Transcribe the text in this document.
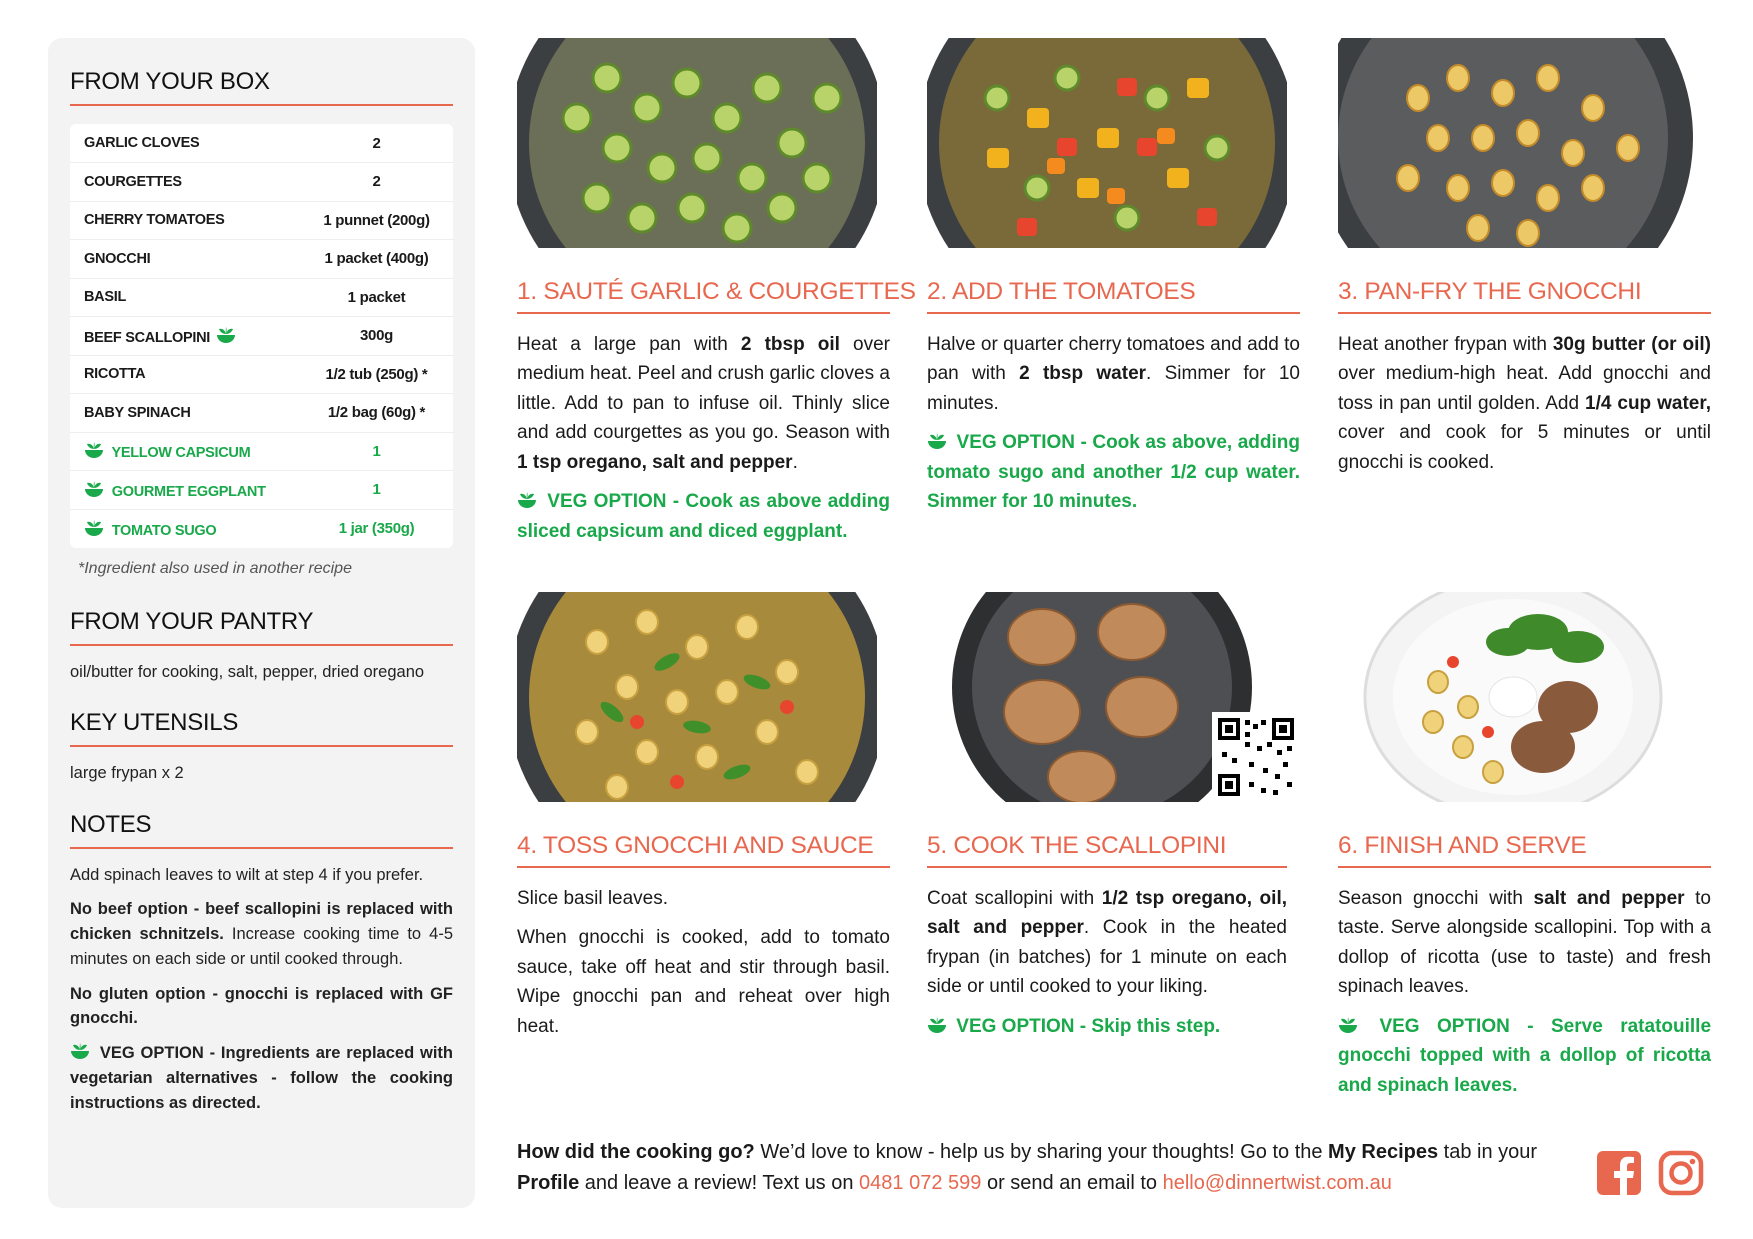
FROM YOUR BOX
GARLIC CLOVES	2
COURGETTES	2
CHERRY TOMATOES	1 punnet (200g)
GNOCCHI	1 packet (400g)
BASIL	1 packet
BEEF SCALLOPINI	300g
RICOTTA	1/2 tub (250g) *
BABY SPINACH	1/2 bag (60g) *
YELLOW CAPSICUM	1
GOURMET EGGPLANT	1
TOMATO SUGO	1 jar (350g)

*Ingredient also used in another recipe

FROM YOUR PANTRY

oil/butter for cooking, salt, pepper, dried oregano

KEY UTENSILS

large frypan x 2

NOTES

Add spinach leaves to wilt at step 4 if you prefer.

No beef option - beef scallopini is replaced with chicken schnitzels. Increase cooking time to 4-5 minutes on each side or until cooked through.

No gluten option - gnocchi is replaced with GF gnocchi.

VEG OPTION - Ingredients are replaced with vegetarian alternatives - follow the cooking instructions as directed.

1. SAUTÉ GARLIC & COURGETTES

Heat a large pan with 2 tbsp oil over medium heat. Peel and crush garlic cloves a little. Add to pan to infuse oil. Thinly slice and add courgettes as you go. Season with 1 tsp oregano, salt and pepper.

VEG OPTION - Cook as above adding sliced capsicum and diced eggplant.

2. ADD THE TOMATOES

Halve or quarter cherry tomatoes and add to pan with 2 tbsp water. Simmer for 10 minutes.

VEG OPTION - Cook as above, adding tomato sugo and another 1/2 cup water. Simmer for 10 minutes.

3. PAN-FRY THE GNOCCHI

Heat another frypan with 30g butter (or oil) over medium-high heat. Add gnocchi and toss in pan until golden. Add 1/4 cup water, cover and cook for 5 minutes or until gnocchi is cooked.

4. TOSS GNOCCHI AND SAUCE

Slice basil leaves.

When gnocchi is cooked, add to tomato sauce, take off heat and stir through basil. Wipe gnocchi pan and reheat over high heat.

5. COOK THE SCALLOPINI

Coat scallopini with 1/2 tsp oregano, oil, salt and pepper. Cook in the heated frypan (in batches) for 1 minute on each side or until cooked to your liking.

VEG OPTION - Skip this step.

6. FINISH AND SERVE

Season gnocchi with salt and pepper to taste. Serve alongside scallopini. Top with a dollop of ricotta (use to taste) and fresh spinach leaves.

VEG OPTION - Serve ratatouille gnocchi topped with a dollop of ricotta and spinach leaves.

How did the cooking go? We’d love to know - help us by sharing your thoughts! Go to the My Recipes tab in your Profile and leave a review! Text us on 0481 072 599 or send an email to hello@dinnertwist.com.au
